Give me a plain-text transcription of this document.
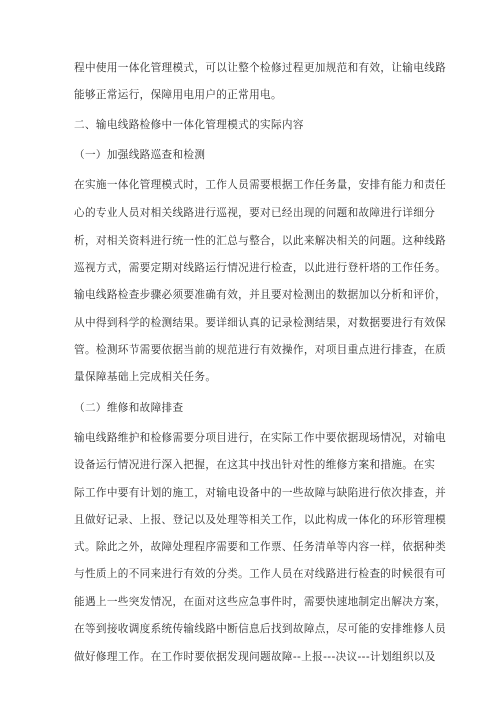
程中使用一体化管理模式，可以让整个检修过程更加规范和有效，让输电线路
能够正常运行，保障用电用户的正常用电。
二、输电线路检修中一体化管理模式的实际内容
（一）加强线路巡查和检测
在实施一体化管理模式时，工作人员需要根据工作任务量，安排有能力和责任
心的专业人员对相关线路进行巡视，要对已经出现的问题和故障进行详细分
析，对相关资料进行统一性的汇总与整合，以此来解决相关的问题。这种线路
巡视方式，需要定期对线路运行情况进行检查，以此进行登杆塔的工作任务。
输电线路检查步骤必须要准确有效，并且要对检测出的数据加以分析和评价，
从中得到科学的检测结果。要详细认真的记录检测结果，对数据要进行有效保
管。检测环节需要依据当前的规范进行有效操作，对项目重点进行排查，在质
量保障基础上完成相关任务。
（二）维修和故障排查
输电线路维护和检修需要分项目进行，在实际工作中要依据现场情况，对输电
设备运行情况进行深入把握，在这其中找出针对性的维修方案和措施。在实
际工作中要有计划的施工，对输电设备中的一些故障与缺陷进行依次排查，并
且做好记录、上报、登记以及处理等相关工作，以此构成一体化的环形管理模
式。除此之外，故障处理程序需要和工作票、任务清单等内容一样，依据种类
与性质上的不同来进行有效的分类。工作人员在对线路进行检查的时候很有可
能遇上一些突发情况，在面对这些应急事件时，需要快速地制定出解决方案，
在等到接收调度系统传输线路中断信息后找到故障点，尽可能的安排维修人员
做好修理工作。在工作时要依据发现问题故障--上报---决议---计划组织以及
